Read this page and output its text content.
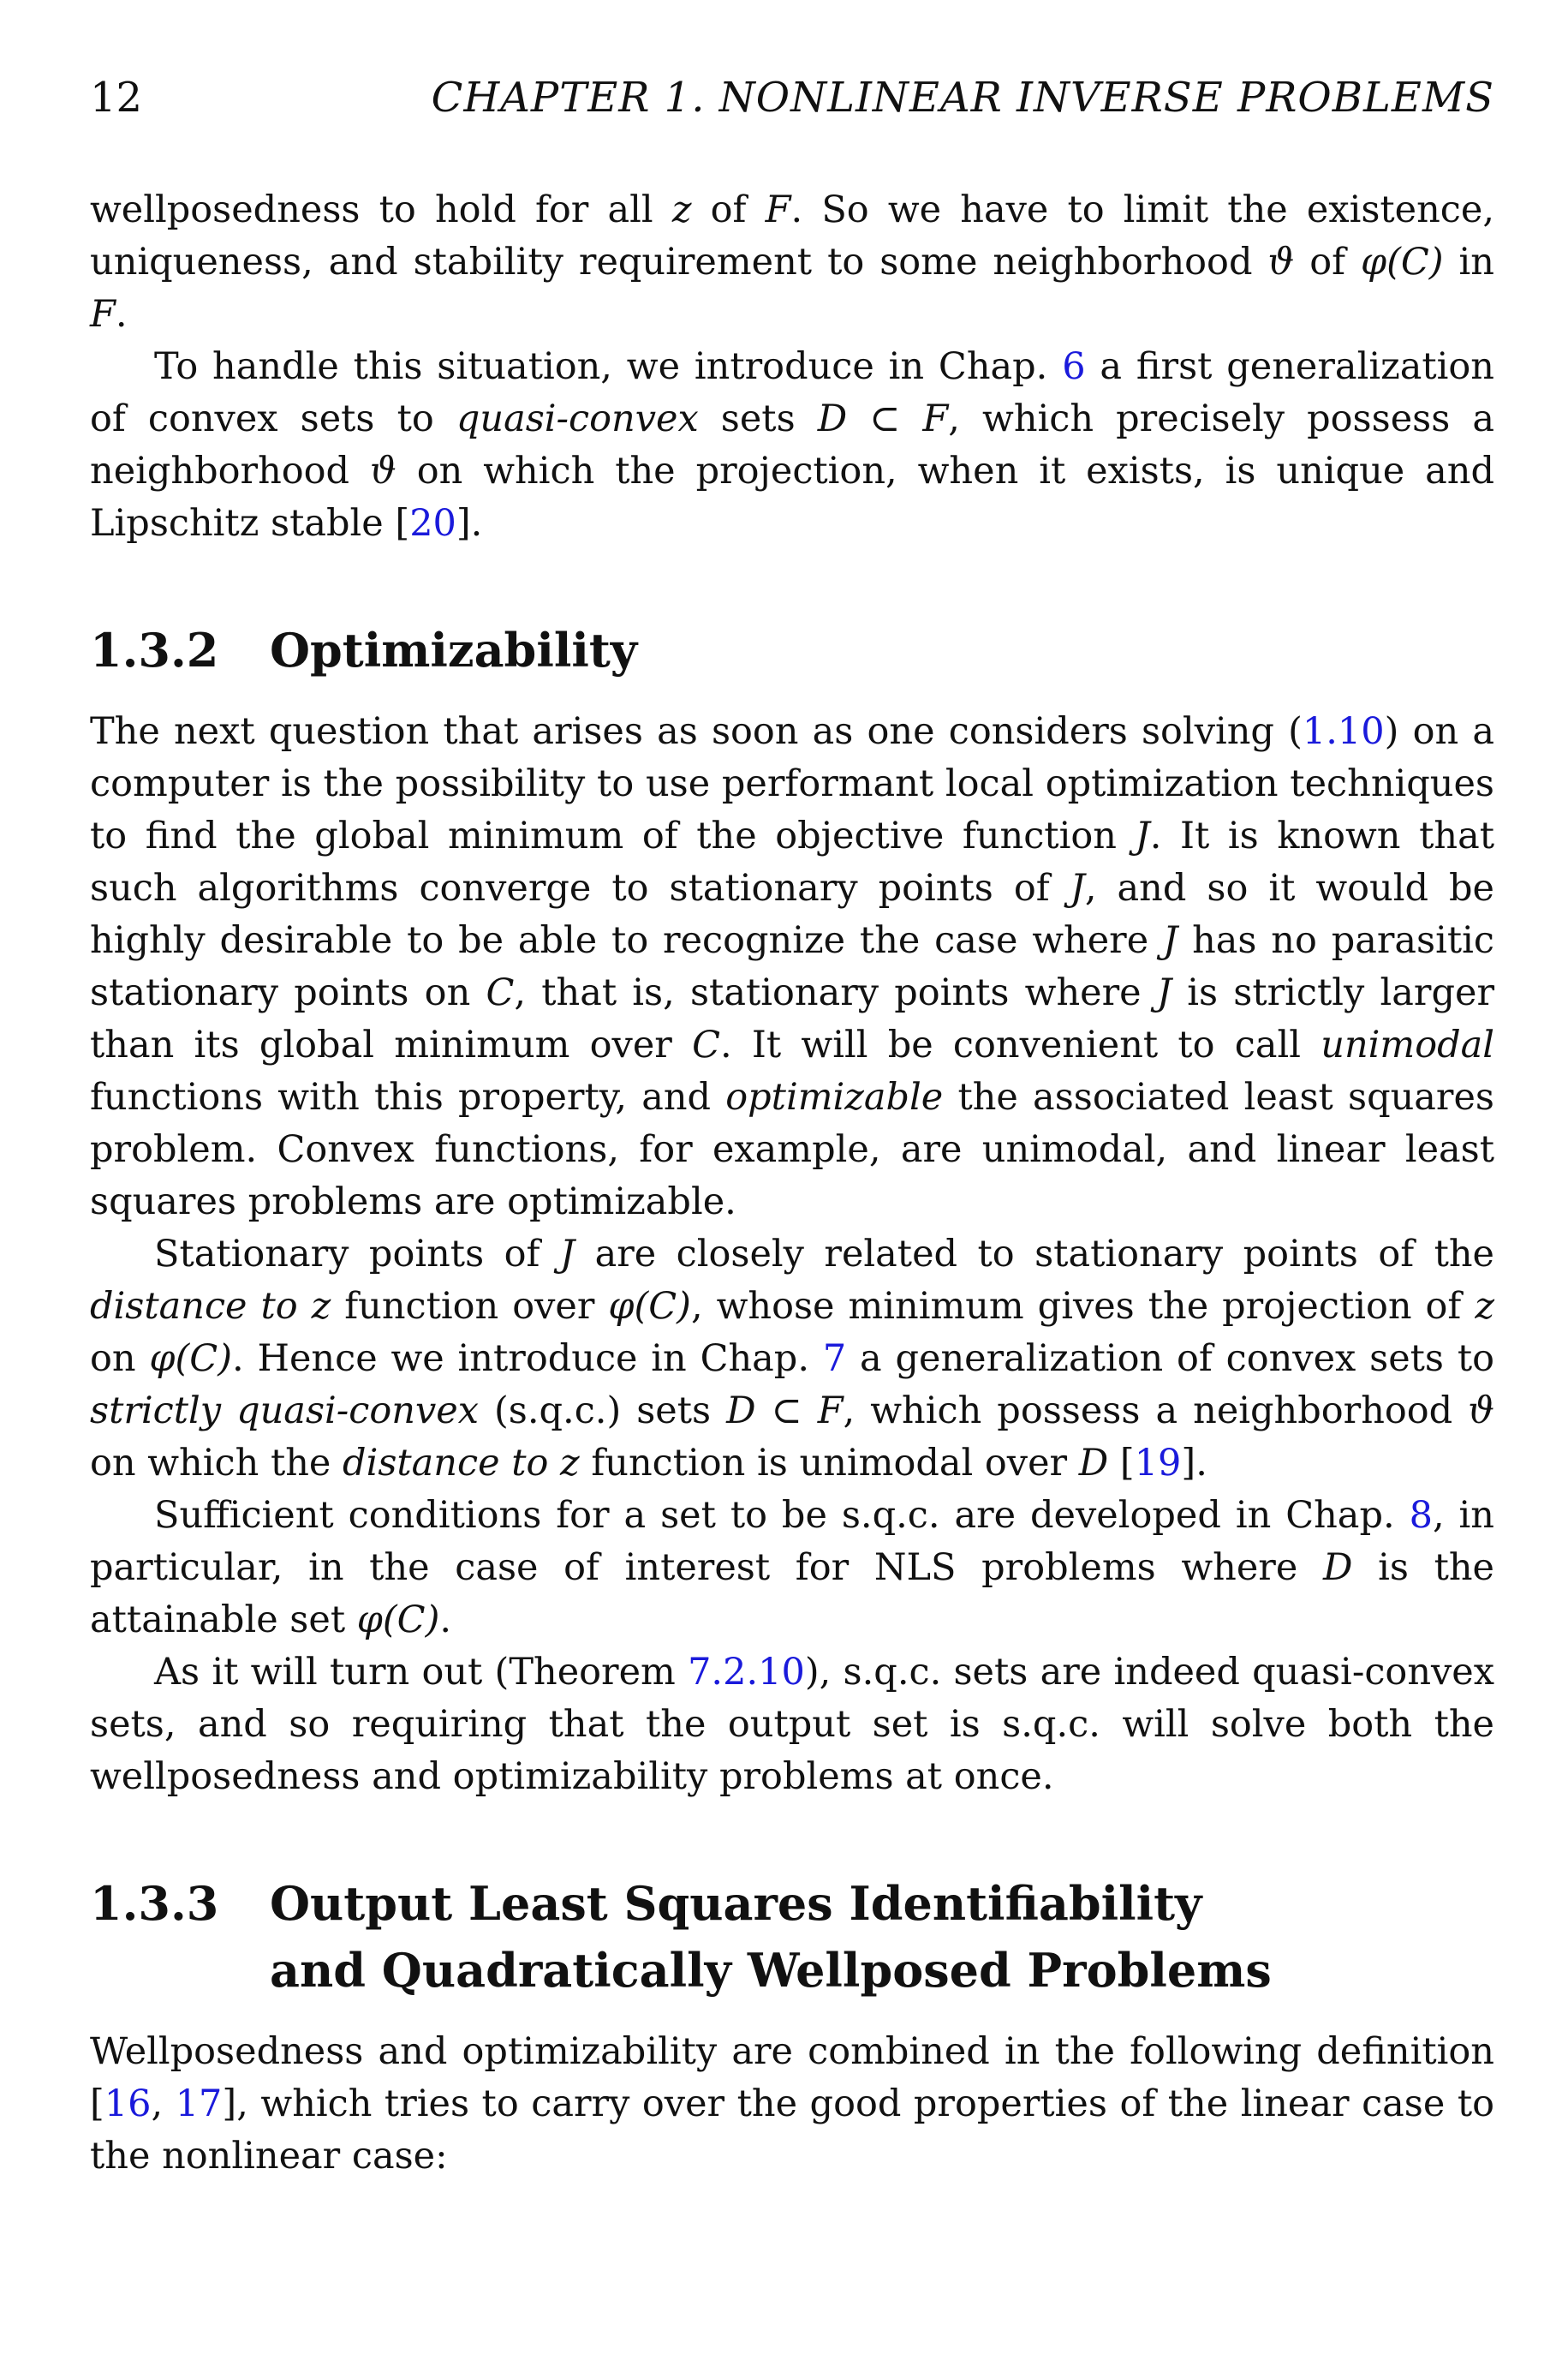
12	CHAPTER 1. NONLINEAR INVERSE PROBLEMS

wellposedness to hold for all z of F. So we have to limit the existence, uniqueness, and stability requirement to some neighborhood ϑ of φ(C) in F.

To handle this situation, we introduce in Chap. 6 a first generalization of convex sets to quasi-convex sets D ⊂ F, which precisely possess a neighborhood ϑ on which the projection, when it exists, is unique and Lipschitz stable [20].

1.3.2	Optimizability

The next question that arises as soon as one considers solving (1.10) on a computer is the possibility to use performant local optimization techniques to find the global minimum of the objective function J. It is known that such algorithms converge to stationary points of J, and so it would be highly desirable to be able to recognize the case where J has no parasitic stationary points on C, that is, stationary points where J is strictly larger than its global minimum over C. It will be convenient to call unimodal functions with this property, and optimizable the associated least squares problem. Convex functions, for example, are unimodal, and linear least squares problems are optimizable.

Stationary points of J are closely related to stationary points of the distance to z function over φ(C), whose minimum gives the projection of z on φ(C). Hence we introduce in Chap. 7 a generalization of convex sets to strictly quasi-convex (s.q.c.) sets D ⊂ F, which possess a neighborhood ϑ on which the distance to z function is unimodal over D [19].

Sufficient conditions for a set to be s.q.c. are developed in Chap. 8, in particular, in the case of interest for NLS problems where D is the attainable set φ(C).

As it will turn out (Theorem 7.2.10), s.q.c. sets are indeed quasi-convex sets, and so requiring that the output set is s.q.c. will solve both the wellposedness and optimizability problems at once.

1.3.3	Output Least Squares Identifiability
and Quadratically Wellposed Problems

Wellposedness and optimizability are combined in the following definition [16, 17], which tries to carry over the good properties of the linear case to the nonlinear case:
